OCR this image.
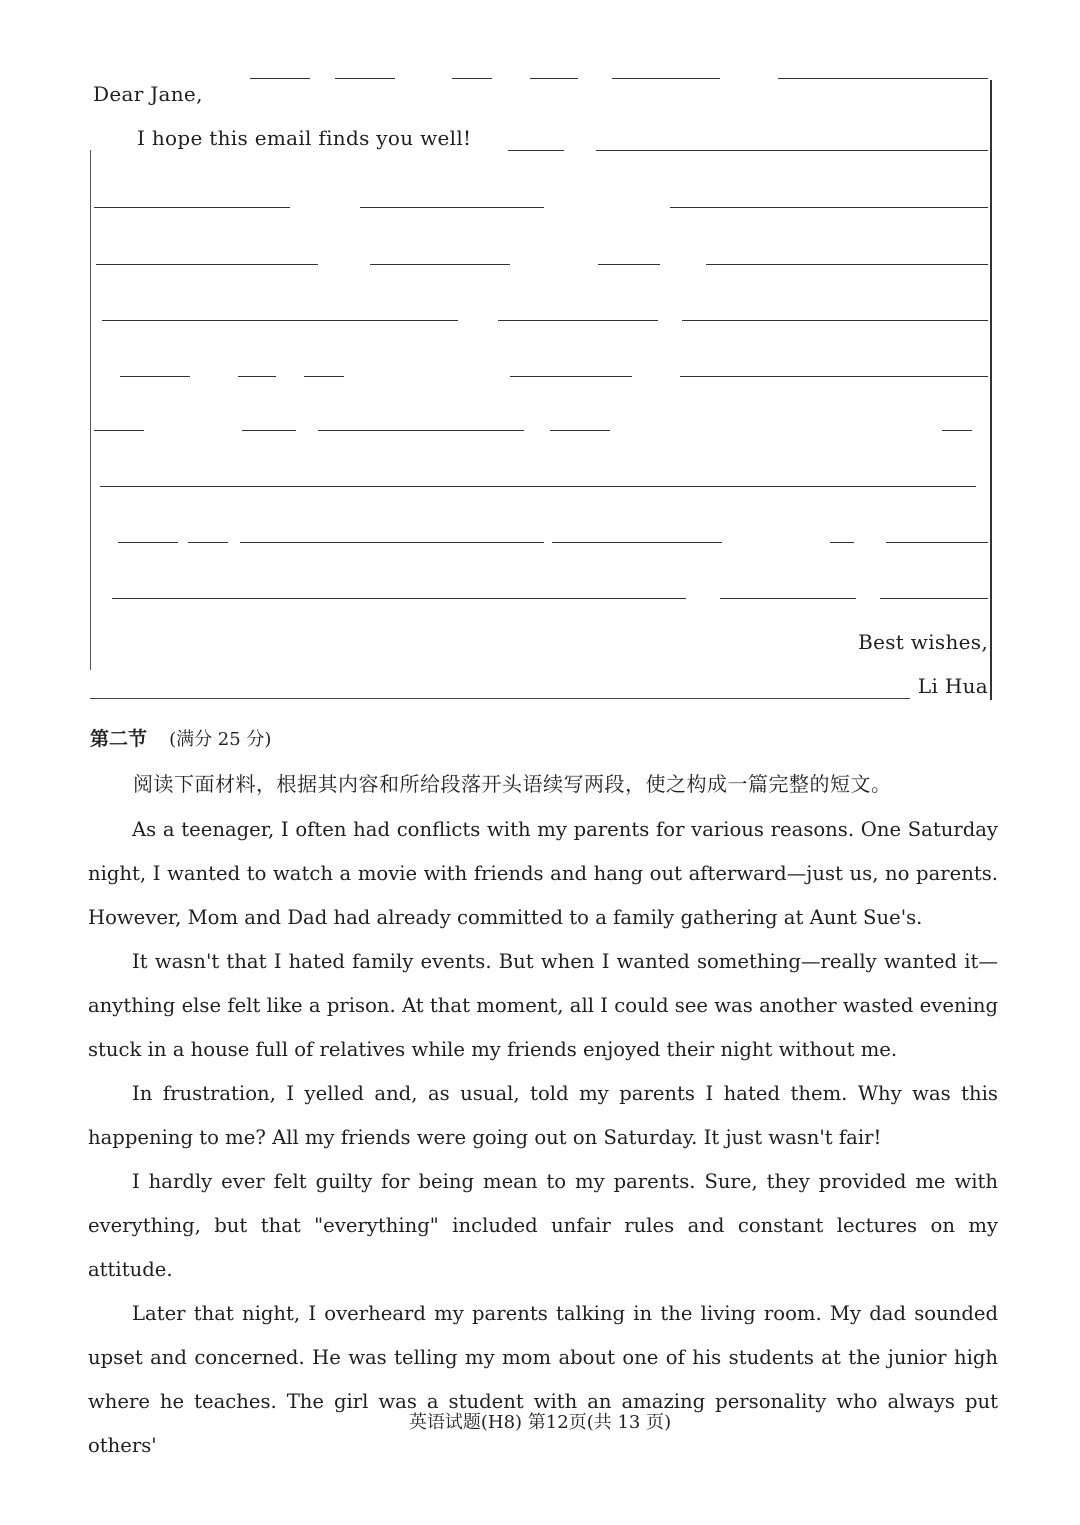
Dear Jane,
I hope this email finds you well!
Best wishes,
Li Hua
第二节 (满分 25 分)
阅读下面材料，根据其内容和所给段落开头语续写两段，使之构成一篇完整的短文。

As a teenager, I often had conflicts with my parents for various reasons. One Saturday night, I wanted to watch a movie with friends and hang out afterward—just us, no parents. However, Mom and Dad had already committed to a family gathering at Aunt Sue's.

It wasn't that I hated family events. But when I wanted something—really wanted it—anything else felt like a prison. At that moment, all I could see was another wasted evening stuck in a house full of relatives while my friends enjoyed their night without me.

In frustration, I yelled and, as usual, told my parents I hated them. Why was this happening to me? All my friends were going out on Saturday. It just wasn't fair!

I hardly ever felt guilty for being mean to my parents. Sure, they provided me with everything, but that "everything" included unfair rules and constant lectures on my attitude.

Later that night, I overheard my parents talking in the living room. My dad sounded upset and concerned. He was telling my mom about one of his students at the junior high where he teaches. The girl was a student with an amazing personality who always put others'

英语试题(H8) 第12页(共 13 页)
